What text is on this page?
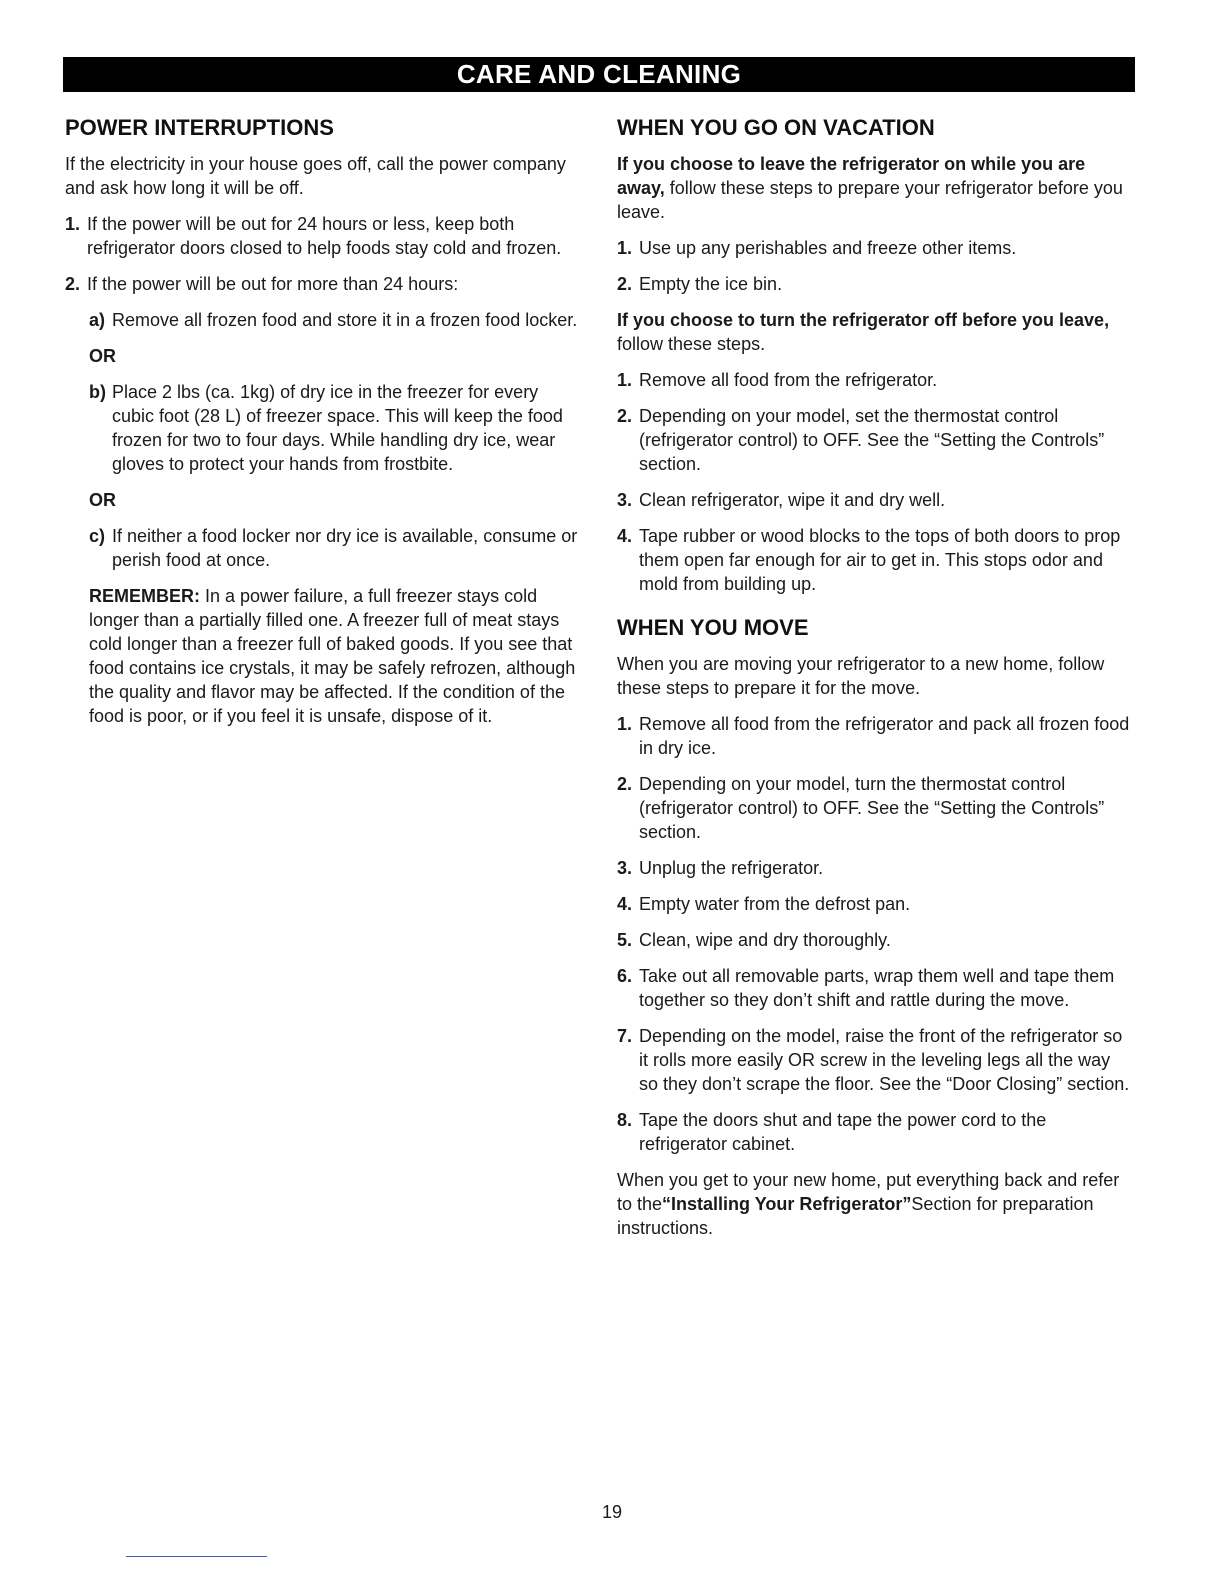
CARE AND CLEANING
POWER INTERRUPTIONS
If the electricity in your house goes off, call the power company and ask how long it will be off.
1. If the power will be out for 24 hours or less, keep both refrigerator doors closed to help foods stay cold and frozen.
2. If the power will be out for more than 24 hours:
a) Remove all frozen food and store it in a frozen food locker.
OR
b) Place 2 lbs (ca. 1kg) of dry ice in the freezer for every cubic foot (28 L) of freezer space. This will keep the food frozen for two to four days. While handling dry ice, wear gloves to protect your hands from frostbite.
OR
c) If neither a food locker nor dry ice is available, consume or perish food at once.
REMEMBER: In a power failure, a full freezer stays cold longer than a partially filled one. A freezer full of meat stays cold longer than a freezer full of baked goods. If you see that food contains ice crystals, it may be safely refrozen, although the quality and flavor may be affected. If the condition of the food is poor, or if you feel it is unsafe, dispose of it.
WHEN YOU GO ON VACATION
If you choose to leave the refrigerator on while you are away, follow these steps to prepare your refrigerator before you leave.
1. Use up any perishables and freeze other items.
2. Empty the ice bin.
If you choose to turn the refrigerator off before you leave, follow these steps.
1. Remove all food from the refrigerator.
2. Depending on your model, set the thermostat control (refrigerator control) to OFF. See the “Setting the Controls” section.
3. Clean refrigerator, wipe it and dry well.
4. Tape rubber or wood blocks to the tops of both doors to prop them open far enough for air to get in. This stops odor and mold from building up.
WHEN YOU MOVE
When you are moving your refrigerator to a new home, follow these steps to prepare it for the move.
1. Remove all food from the refrigerator and pack all frozen food in dry ice.
2. Depending on your model, turn the thermostat control (refrigerator control) to OFF. See the “Setting the Controls” section.
3. Unplug the refrigerator.
4. Empty water from the defrost pan.
5. Clean, wipe and dry thoroughly.
6. Take out all removable parts, wrap them well and tape them together so they don’t shift and rattle during the move.
7. Depending on the model, raise the front of the refrigerator so it rolls more easily OR screw in the leveling legs all the way so they don’t scrape the floor. See the “Door Closing” section.
8. Tape the doors shut and tape the power cord to the refrigerator cabinet.
When you get to your new home, put everything back and refer to the“Installing Your Refrigerator”Section for preparation instructions.
19
